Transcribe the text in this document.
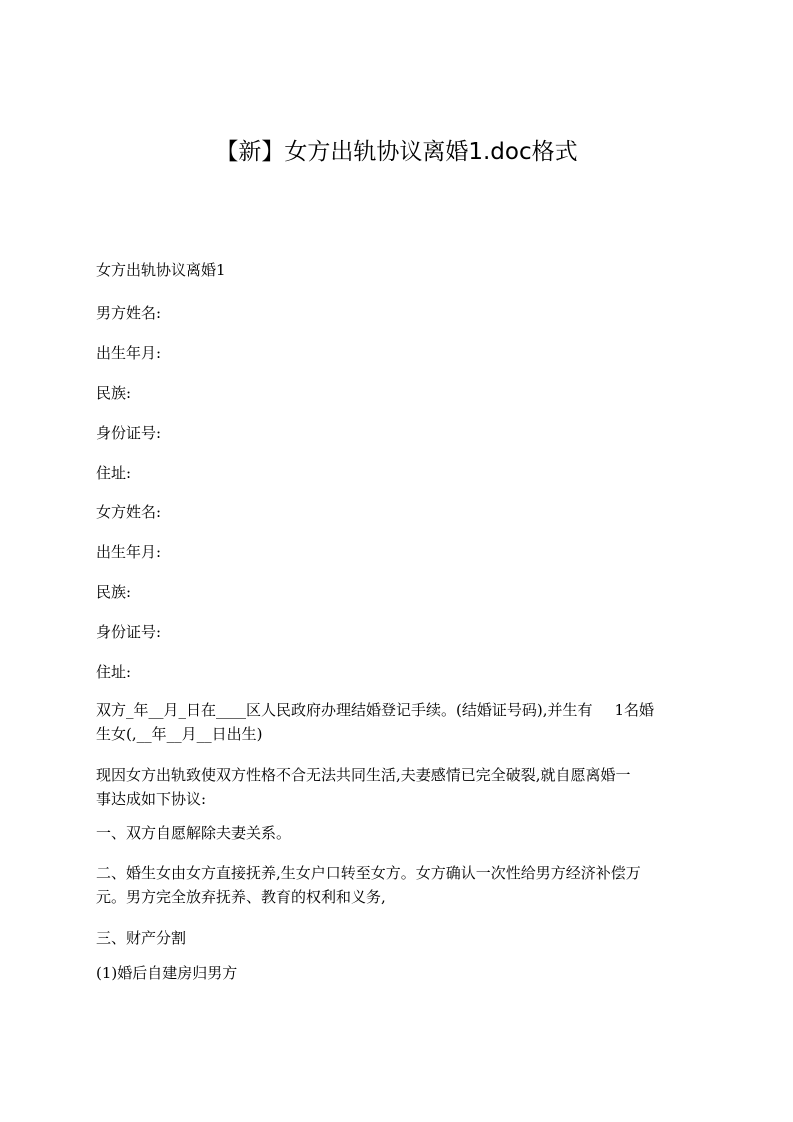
【新】女方出轨协议离婚1.doc格式
女方出轨协议离婚1
男方姓名:
出生年月:
民族:
身份证号:
住址:
女方姓名:
出生年月:
民族:
身份证号:
住址:
双方_年__月_日在____区人民政府办理结婚登记手续。(结婚证号码),并生有 1名婚
生女(,__年__月__日出生)
现因女方出轨致使双方性格不合无法共同生活,夫妻感情已完全破裂,就自愿离婚一
事达成如下协议:
一、双方自愿解除夫妻关系。
二、婚生女由女方直接抚养,生女户口转至女方。女方确认一次性给男方经济补偿万
元。男方完全放弃抚养、教育的权利和义务,
三、财产分割
(1)婚后自建房归男方
